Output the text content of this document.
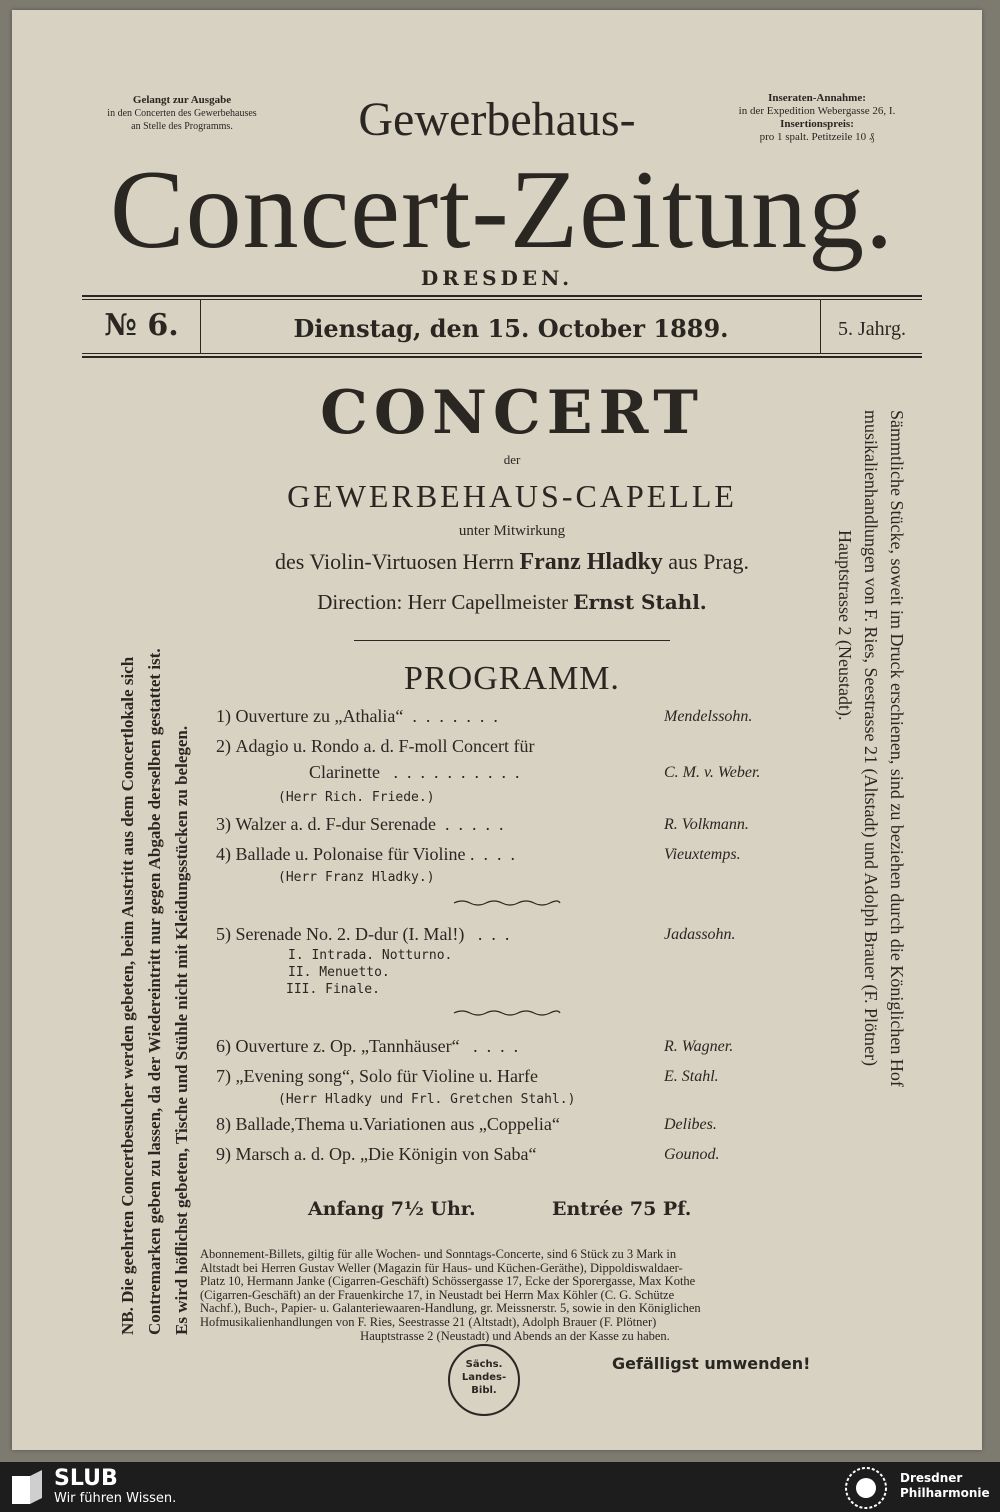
Gelangt zur Ausgabe
in den Concerten des Gewerbehauses
an Stelle des Programms.
Inseraten-Annahme:
in der Expedition Webergasse 26, I.
Insertionspreis:
pro 1 spalt. Petitzeile 10 ₰
Gewerbehaus-
Concert-Zeitung.
DRESDEN.
№ 6.	Dienstag, den 15. October 1889.	5. Jahrg.
CONCERT
der
GEWERBEHAUS-CAPELLE
unter Mitwirkung
des Violin-Virtuosen Herrn Franz Hladky aus Prag.
Direction: Herr Capellmeister Ernst Stahl.
PROGRAMM.
1) Ouverture zu „Athalia“  .  .  .  .  .  .  .	Mendelssohn.
2) Adagio u. Rondo a. d. F-moll Concert für
Clarinette   .  .  .  .  .  .  .  .  .  .	C. M. v. Weber.
(Herr Rich. Friede.)
3) Walzer a. d. F-dur Serenade  .  .  .  .  .	R. Volkmann.
4) Ballade u. Polonaise für Violine .  .  .  .	Vieuxtemps.
(Herr Franz Hladky.)
5) Serenade No. 2. D-dur (I. Mal!)   .  .  .	Jadassohn.
I. Intrada. Notturno.
II. Menuetto.
III. Finale.
6) Ouverture z. Op. „Tannhäuser“   .  .  .  .	R. Wagner.
7) „Evening song“, Solo für Violine u. Harfe	E. Stahl.
(Herr Hladky und Frl. Gretchen Stahl.)
8) Ballade,Thema u.Variationen aus „Coppelia“	Delibes.
9) Marsch a. d. Op. „Die Königin von Saba“	Gounod.
Anfang 7½ Uhr.	Entrée 75 Pf.
Abonnement-Billets, giltig für alle Wochen- und Sonntags-Concerte, sind 6 Stück zu 3 Mark in
Altstadt bei Herren Gustav Weller (Magazin für Haus- und Küchen-Geräthe), Dippoldiswaldaer-
Platz 10, Hermann Janke (Cigarren-Geschäft) Schössergasse 17, Ecke der Sporergasse, Max Kothe
(Cigarren-Geschäft) an der Frauenkirche 17, in Neustadt bei Herrn Max Köhler (C. G. Schütze
Nachf.), Buch-, Papier- u. Galanteriewaaren-Handlung, gr. Meissnerstr. 5, sowie in den Königlichen
Hofmusikalienhandlungen von F. Ries, Seestrasse 21 (Altstadt), Adolph Brauer (F. Plötner)
Hauptstrasse 2 (Neustadt) und Abends an der Kasse zu haben.
Sächs.
Landes-
Bibl.
Gefälligst umwenden!
NB. Die geehrten Concertbesucher werden gebeten, beim Austritt aus dem Concertlokale sich Contremarken geben zu lassen, da der Wiedereintritt nur gegen Abgabe derselben gestattet ist. Es wird höflichst gebeten, Tische und Stühle nicht mit Kleidungsstücken zu belegen.	Sämmtliche Stücke, soweit im Druck erschienen, sind zu beziehen durch die Königlichen Hof
musikalienhandlungen von F. Ries, Seestrasse 21 (Altstadt) und Adolph Brauer (F. Plötner)
Hauptstrasse 2 (Neustadt).
SLUB
Wir führen Wissen.
Dresdner
Philharmonie
